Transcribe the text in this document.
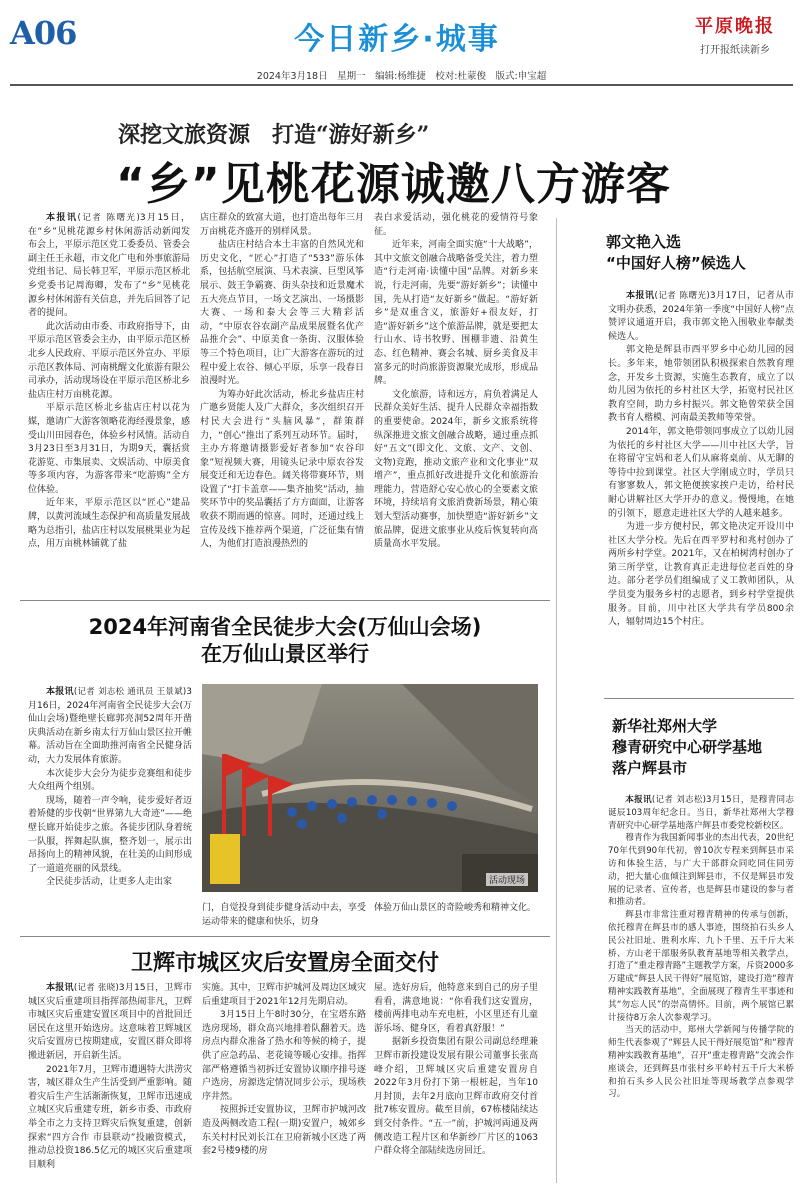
A06	今日新乡·城事	平原晚报
打开报纸读新乡
2024年3月18日　星期一　编辑:杨维捷　校对:杜蒙俊　版式:申宝超
深挖文旅资源　打造“游好新乡”
“乡”见桃花源诚邀八方游客

本报讯(记者 陈曙光)3月15日，在“乡”见桃花源乡村休闲游活动新闻发布会上，平原示范区党工委委员、管委会副主任王永超，市文化广电和外事旅游局党组书记、局长韩卫军，平原示范区桥北乡党委书记周海卿，发布了“乡”见桃花源乡村休闲游有关信息，并先后回答了记者的提问。

此次活动由市委、市政府指导下，由平原示范区管委会主办，由平原示范区桥北乡人民政府、平原示范区外宣办、平原示范区教体局、河南桃醒文化旅游有限公司承办，活动现场设在平原示范区桥北乡盐店庄村万亩桃花源。

平原示范区桥北乡盐店庄村以花为媒，邀请广大游客领略花海经漫景象，感受山川田园春色，体验乡村风情。活动自3月23日至3月31日，为期9天，囊括赏花游览、市集展卖、文娱活动、中原美食等多项内容，为游客带来“吃游购”全方位体验。

近年来，平原示范区以“匠心”建品牌，以黄河流域生态保护和高质量发展战略为总指引，盐店庄村以发展桃果业为起点，用万亩桃林铺就了盐

店庄群众的致富大道，也打造出每年三月万亩桃花齐盛开的别样风景。

盐店庄村结合本土丰富的自然风光和历史文化，“匠心”打造了“533”游乐体系，包括航空展演、马术表演、巨型风筝展示、鼓王争霸赛、街头杂技和近景魔术五大亮点节目，一场文艺演出、一场摄影大赛、一场和泰大会等三大精彩活动，“中原农谷农副产品成果展暨名优产品推介会”、中原美食一条街、汉服体验等三个特色项目，让广大游客在游玩的过程中爱上农谷、倾心平原，乐享一段春日浪漫时光。

为筹办好此次活动，桥北乡盐店庄村广邀乡贤能人及广大群众，多次组织召开村民大会进行“头脑风暴”，群策群力，“创心”推出了系列互动环节。届时，主办方将邀请摄影爱好者参加“农谷印象”短视频大赛，用镜头记录中原农谷发展变迁和无边春色。阔关将带赛环节，则设置了“打卡盖章——集齐抽奖”活动，抽奖环节中的奖品囊括了方方面面，让游客收获不期而遇的惊喜。同时，还通过线上宣传及线下推荐两个渠道，广泛征集有情人，为他们打造浪漫热烈的

表白求爱活动，强化桃花的爱情符号象征。

近年来，河南全面实施“十大战略”，其中文旅文创融合战略备受关注，着力塑造“行走河南·读懂中国”品牌。对新乡来说，行走河南，先要“游好新乡”；读懂中国，先从打造“友好新乡”做起。“游好新乡”是双重含义，旅游好+很友好，打造“游好新乡”这个旅游品牌，就是要把太行山水、诗书牧野、围棚非遗、沿黄生态、红色精神、赛会名城、厨乡美食及丰富多元的时尚旅游资源聚光成形，形成品牌。

文化旅游，诗和远方，肩负着满足人民群众美好生活、提升人民群众幸福指数的重要使命。2024年，新乡文旅系统将纵深推进文旅文创融合战略，通过重点抓好“五文”(即文化、文旅、文产、文创、文物)竞跑，推动文旅产业和文化事业“双增产”，重点抓好改进提升文化和旅游治理能力，营造舒心安心放心的全要素文旅环境，持续培育文旅消费新场景，精心策划大型活动赛事，加快塑造“游好新乡”文旅品牌，促进文旅事业从疫后恢复转向高质量高水平发展。

2024年河南省全民徒步大会(万仙山会场)
在万仙山景区举行

本报讯(记者 刘志松 通讯员 王景斌)3月16日，2024年河南省全民徒步大会(万仙山会场)暨绝壁长廊郭亮洞52周年开凿庆典活动在新乡南太行万仙山景区拉开帷幕。活动旨在全面助推河南省全民健身活动，大力发展体育旅游。

本次徒步大会分为徒步竞赛组和徒步大众组两个组别。

现场，随着一声令响，徒步爱好者迈着矫健的步伐朝“世界第九大奇迹”——绝壁长廊开始徒步之旅。各徒步团队身着统一队服，挥舞起队旗，整齐划一，展示出昂扬向上的精神风貌，在壮美的山间形成了一道道亮丽的风景线。

全民徒步活动，让更多人走出家	活动现场

门，自觉投身到徒步健身活动中去，享受运动带来的健康和快乐，切身

体验万仙山景区的奇险峻秀和精神文化。

卫辉市城区灾后安置房全面交付

本报讯(记者 张晓)3月15日，卫辉市城区灾后重建项目指挥部热闹非凡，卫辉市城区灾后重建安置区项目中的首批回迁居民在这里开始选房。这意味着卫辉城区灾后安置房已按期建成，安置区群众即将搬进新居，开启新生活。

2021年7月，卫辉市遭遇特大洪涝灾害，城区群众生产生活受到严重影响。随着灾后生产生活渐渐恢复，卫辉市迅速成立城区灾后重建专班，新乡市委、市政府举全市之力支持卫辉灾后恢复重建，创新探索“四方合作 市县联动”投融资模式，推动总投资186.5亿元的城区灾后重建项目顺利

实施。其中，卫辉市护城河及周边区域灾后重建项目于2021年12月先期启动。

3月15日上午8时30分，在宝塔东路选房现场，群众高兴地排着队翻着天。选房点内群众准备了热水和等候的椅子，提供了应急药品、老花镜等暖心安排。指挥部严格遵循当初拆迁安置协议顺序排号逐户选房，房源选定情况同步公示，现场秩序井然。

按照拆迁安置协议，卫辉市护城河改造及两侧改造工程(一期)安置户，城郊乡东关村村民刘长江在卫府新城小区选了两套2号楼9楼的房

屋。选好房后，他特意来到自己的房子里看看，满意地说：“你看我们这安置房，楼前两排电动车充电桩，小区里还有儿童游乐场、健身区，看着真舒服！”

据新乡投资集团有限公司副总经理兼卫辉市新投建设发展有限公司董事长张高峰介绍，卫辉城区灾后重建安置房自2022年3月份打下第一根桩起，当年10月封顶，去年2月底向卫辉市政府交付首批7栋安置房。截至目前，67栋楼陆续达到交付条件。“五一”前，护城河両通及两侧改造工程片区和华新纱厂片区的1063户群众将全部陆续选房回迁。

郭文艳入选
“中国好人榜”候选人

本报讯(记者 陈曙光)3月17日，记者从市文明办获悉，2024年第一季度“中国好人榜”点赞评议通道开启，我市郭文艳入围敬业奉献类候选人。

郭文艳是辉县市西平罗乡中心幼儿园的园长。多年来，她带领团队积极探索自然教育理念，开发乡土资源，实施生态教育，成立了以幼儿园为依托的乡村社区大学，拓宽村民社区教育空间，助力乡村振兴。郭文艳曾荣获全国教书育人楷模、河南最美教师等荣誉。

2014年，郭文艳带领同事成立了以幼儿园为依托的乡村社区大学——川中社区大学，旨在将留守宝妈和老人们从麻将桌前、从无聊的等待中拉到课堂。社区大学刚成立时，学员只有寥寥数人，郭文艳便挨家挨户走访，给村民耐心讲解社区大学开办的意义。慢慢地，在她的引领下，愿意走进社区大学的人越来越多。

为进一步方便村民，郭文艳决定开设川中社区大学分校。先后在西平罗村和兆村创办了两所乡村学堂。2021年，又在柏树湾村创办了第三所学堂，让教育真正走进每位老百姓的身边。部分老学员们组编成了义工教师团队，从学员变为服务乡村的志愿者，到乡村学堂提供服务。目前，川中社区大学共有学员800余人，辐射周边15个村庄。

新华社郑州大学
穆青研究中心研学基地
落户辉县市

本报讯(记者 刘志松)3月15日，是穆青同志诞辰103周年纪念日。当日，新华社郑州大学穆青研究中心研学基地落户辉县市委党校新校区。

穆青作为我国新闻事业的杰出代表，20世纪70年代到90年代初，曾10次专程来到辉县市采访和体验生活，与广大干部群众同吃同住同劳动，把大量心血倾注到辉县市，不仅是辉县市发展的记录者、宣传者，也是辉县市建设的参与者和推动者。

辉县市非常注重对穆青精神的传承与创新，依托穆青在辉县市的感人事迹，围绕拍石头乡人民公社旧址、胜利水库、九卜千里、五千斤大米桥、方山老干部服务队教育基地等相关教学点，打造了“重走穆青路”主题教学方案，斥资2000多万建成“辉县人民干得好”展览馆，建设打造“穆青精神实践教育基地”，全面展现了穆青生平事迹和其“勿忘人民”的崇高情怀。目前，两个展馆已累计接待8万余人次参观学习。

当天的活动中，郑州大学新闻与传播学院的师生代表参观了“辉县人民干得好展览馆”和“穆青精神实践教育基地”，召开“重走穆青路”交流会作座谈会，还到辉县市张村乡平岭村五千斤大米桥和拍石头乡人民公社旧址等现场教学点参观学习。
